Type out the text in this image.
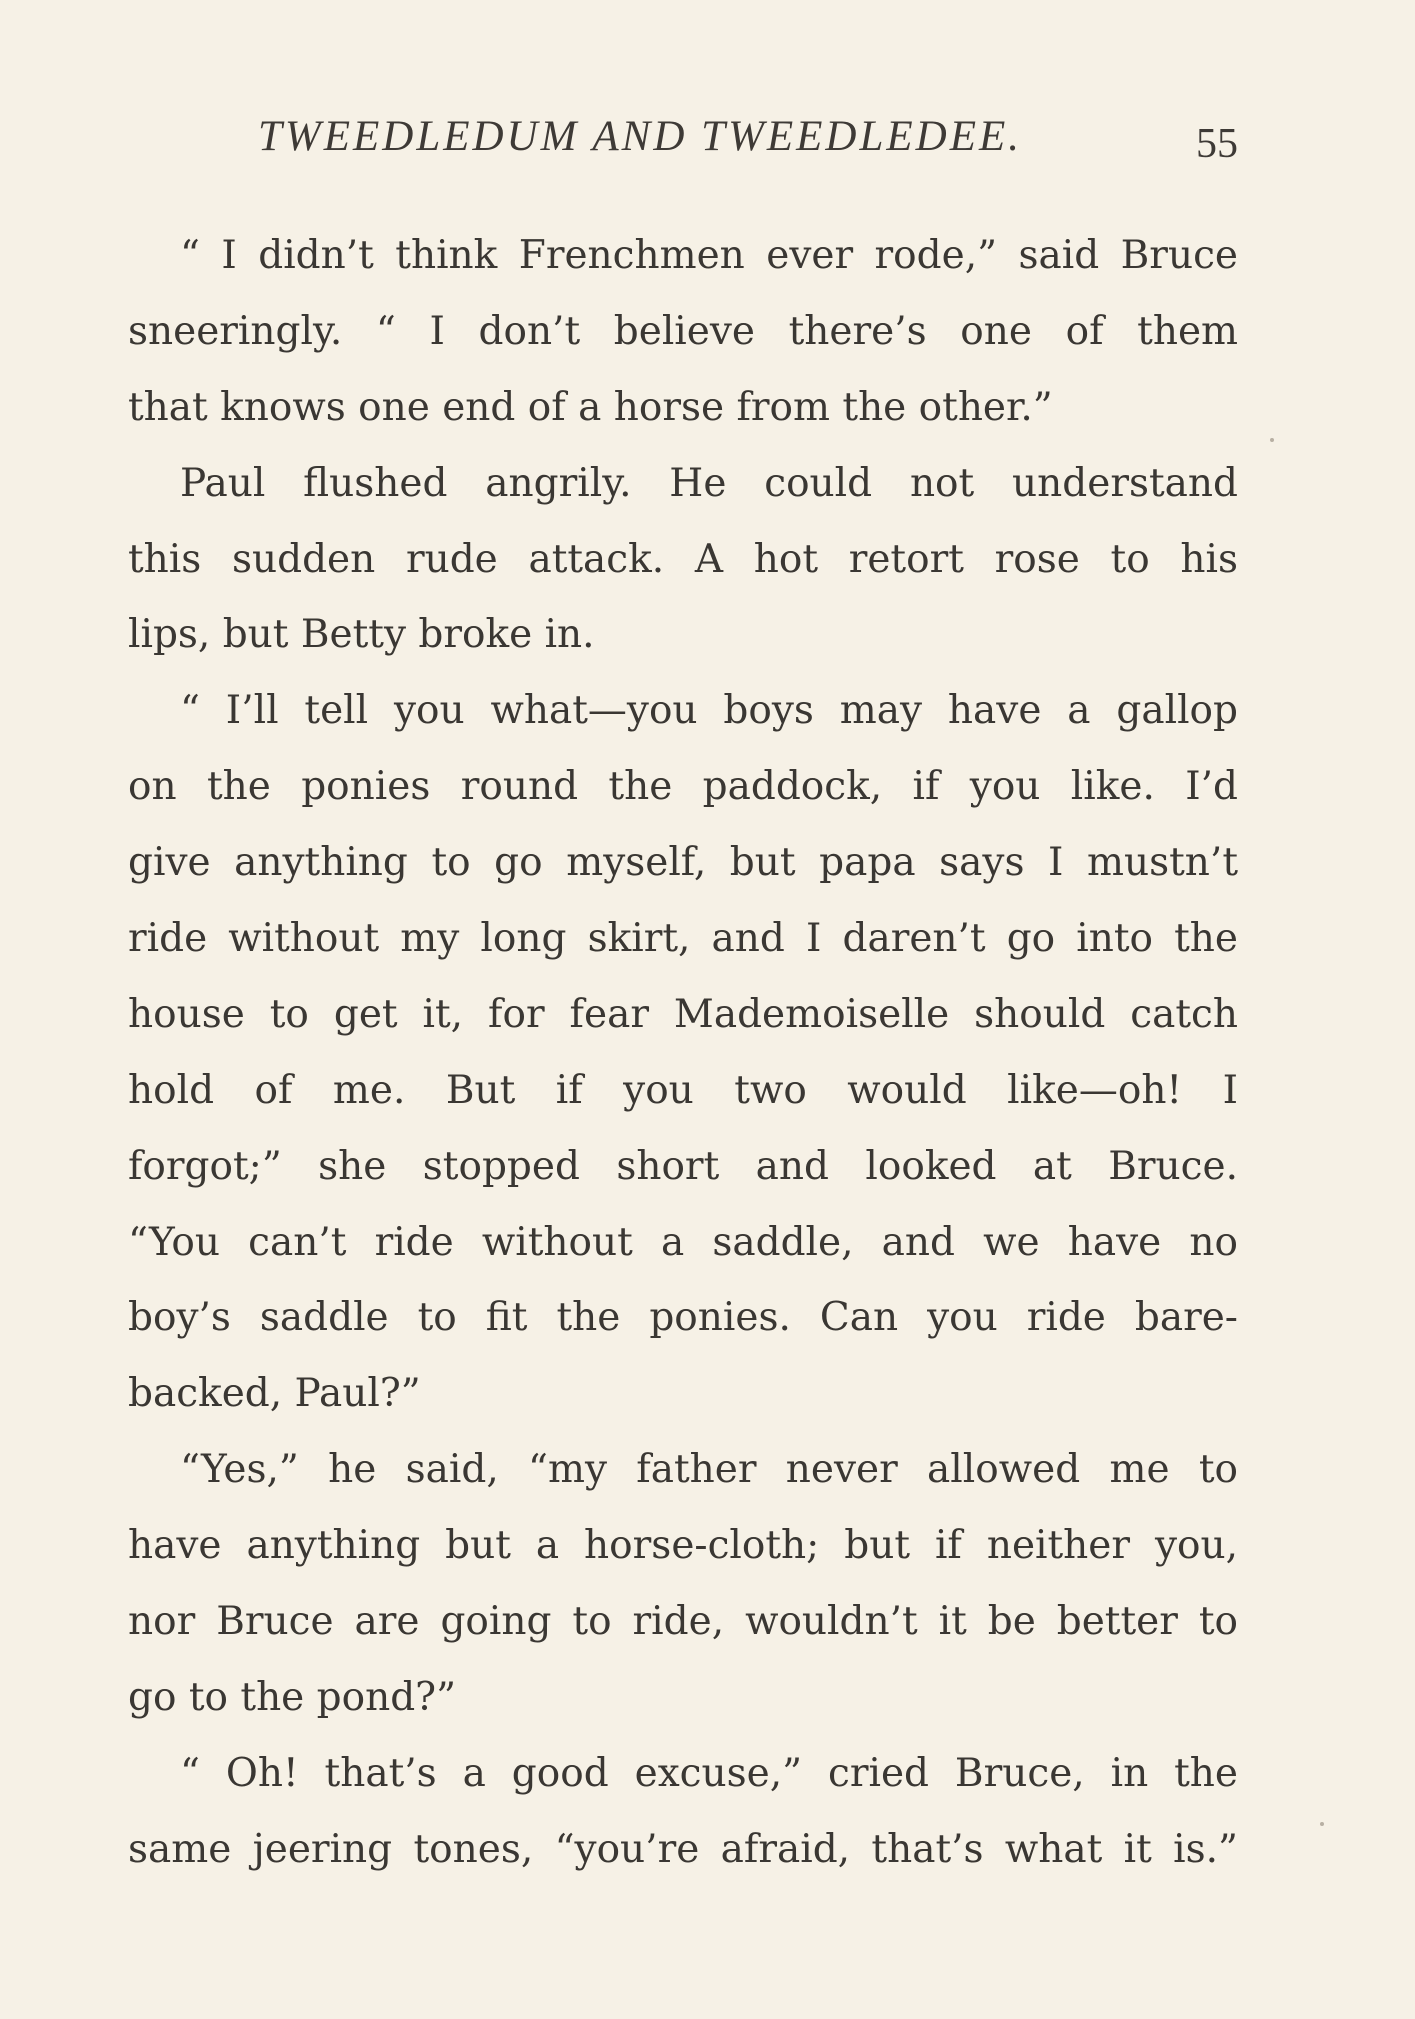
TWEEDLEDUM AND TWEEDLEDEE.	55
“ I didn’t think Frenchmen ever rode,” said Bruce
sneeringly. “ I don’t believe there’s one of them
that knows one end of a horse from the other.”
Paul flushed angrily. He could not understand
this sudden rude attack. A hot retort rose to his
lips, but Betty broke in.
“ I’ll tell you what—you boys may have a gallop
on the ponies round the paddock, if you like. I’d
give anything to go myself, but papa says I mustn’t
ride without my long skirt, and I daren’t go into the
house to get it, for fear Mademoiselle should catch
hold of me. But if you two would like—oh! I
forgot;” she stopped short and looked at Bruce.
“You can’t ride without a saddle, and we have no
boy’s saddle to fit the ponies. Can you ride bare-
backed, Paul?”
“Yes,” he said, “my father never allowed me to
have anything but a horse-cloth; but if neither you,
nor Bruce are going to ride, wouldn’t it be better to
go to the pond?”
“ Oh! that’s a good excuse,” cried Bruce, in the
same jeering tones, “you’re afraid, that’s what it is.”
